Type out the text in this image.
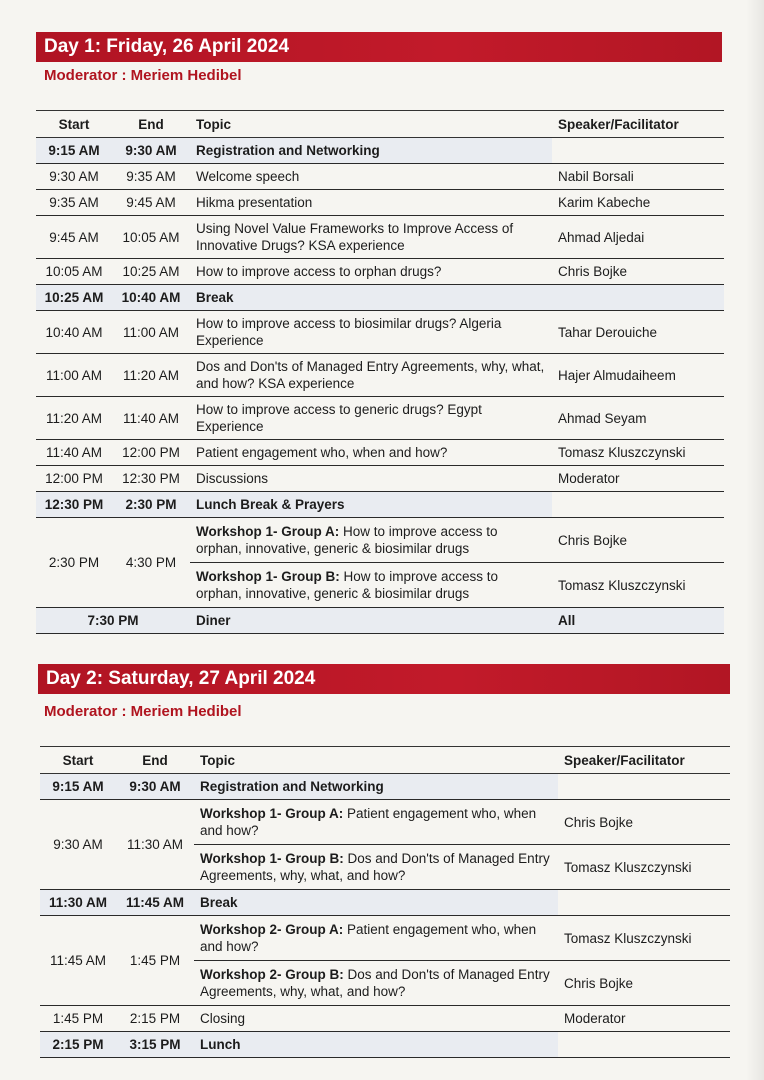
Day 1: Friday, 26 April 2024
Moderator : Meriem Hedibel
Start	End	Topic	Speaker/Facilitator
9:15 AM	9:30 AM	Registration and Networking	
9:30 AM	9:35 AM	Welcome speech	Nabil Borsali
9:35 AM	9:45 AM	Hikma presentation	Karim Kabeche
9:45 AM	10:05 AM	Using Novel Value Frameworks to Improve Access of Innovative Drugs? KSA experience	Ahmad Aljedai
10:05 AM	10:25 AM	How to improve access to orphan drugs?	Chris Bojke
10:25 AM	10:40 AM	Break	
10:40 AM	11:00 AM	How to improve access to biosimilar drugs? Algeria Experience	Tahar Derouiche
11:00 AM	11:20 AM	Dos and Don'ts of Managed Entry Agreements, why, what, and how? KSA experience	Hajer Almudaiheem
11:20 AM	11:40 AM	How to improve access to generic drugs? Egypt Experience	Ahmad Seyam
11:40 AM	12:00 PM	Patient engagement who, when and how?	Tomasz Kluszczynski
12:00 PM	12:30 PM	Discussions	Moderator
12:30 PM	2:30 PM	Lunch Break & Prayers	
2:30 PM	4:30 PM	Workshop 1- Group A: How to improve access to orphan, innovative, generic & biosimilar drugs	Chris Bojke
		Workshop 1- Group B: How to improve access to orphan, innovative, generic & biosimilar drugs	Tomasz Kluszczynski
7:30 PM		Diner	All
Day 2: Saturday, 27 April 2024
Moderator : Meriem Hedibel
Start	End	Topic	Speaker/Facilitator
9:15 AM	9:30 AM	Registration and Networking	
9:30 AM	11:30 AM	Workshop 1- Group A: Patient engagement who, when and how?	Chris Bojke
		Workshop 1- Group B: Dos and Don'ts of Managed Entry Agreements, why, what, and how?	Tomasz Kluszczynski
11:30 AM	11:45 AM	Break	
11:45 AM	1:45 PM	Workshop 2- Group A: Patient engagement who, when and how?	Tomasz Kluszczynski
		Workshop 2- Group B: Dos and Don'ts of Managed Entry Agreements, why, what, and how?	Chris Bojke
1:45 PM	2:15 PM	Closing	Moderator
2:15 PM	3:15 PM	Lunch	
